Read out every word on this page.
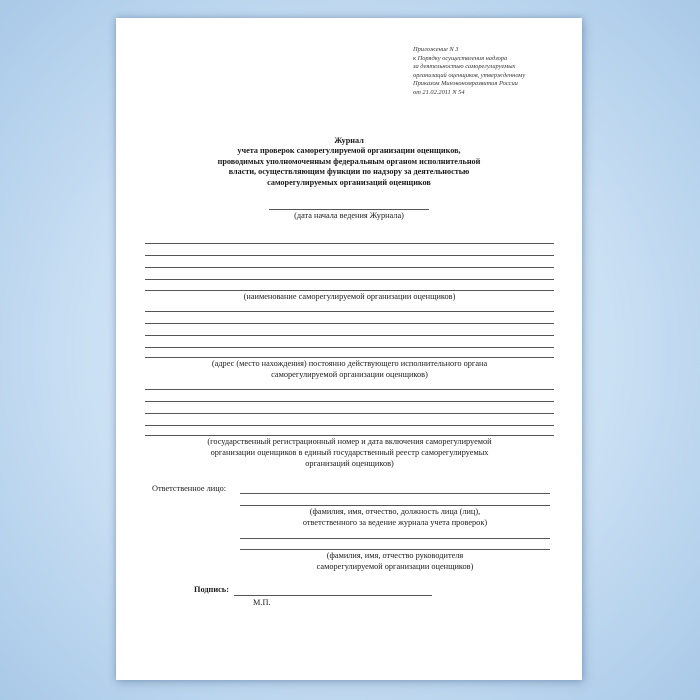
Приложение N 3
к Порядку осуществления надзора
за деятельностью саморегулируемых
организаций оценщиков, утвержденному
Приказом Минэкономразвития России
от 21.02.2011 N 54
Журнал
учета проверок саморегулируемой организации оценщиков,
проводимых уполномоченным федеральным органом исполнительной
власти, осуществляющим функции по надзору за деятельностью
саморегулируемых организаций оценщиков
(дата начала ведения Журнала)
(наименование саморегулируемой организации оценщиков)
(адрес (место нахождения) постоянно действующего исполнительного органа
саморегулируемой организации оценщиков)
(государственный регистрационный номер и дата включения саморегулируемой
организации оценщиков в единый государственный реестр саморегулируемых
организаций оценщиков)
Ответственное лицо:
(фамилия, имя, отчество, должность лица (лиц),
ответственного за ведение журнала учета проверок)
(фамилия, имя, отчество руководителя
саморегулируемой организации оценщиков)
Подпись:
М.П.
